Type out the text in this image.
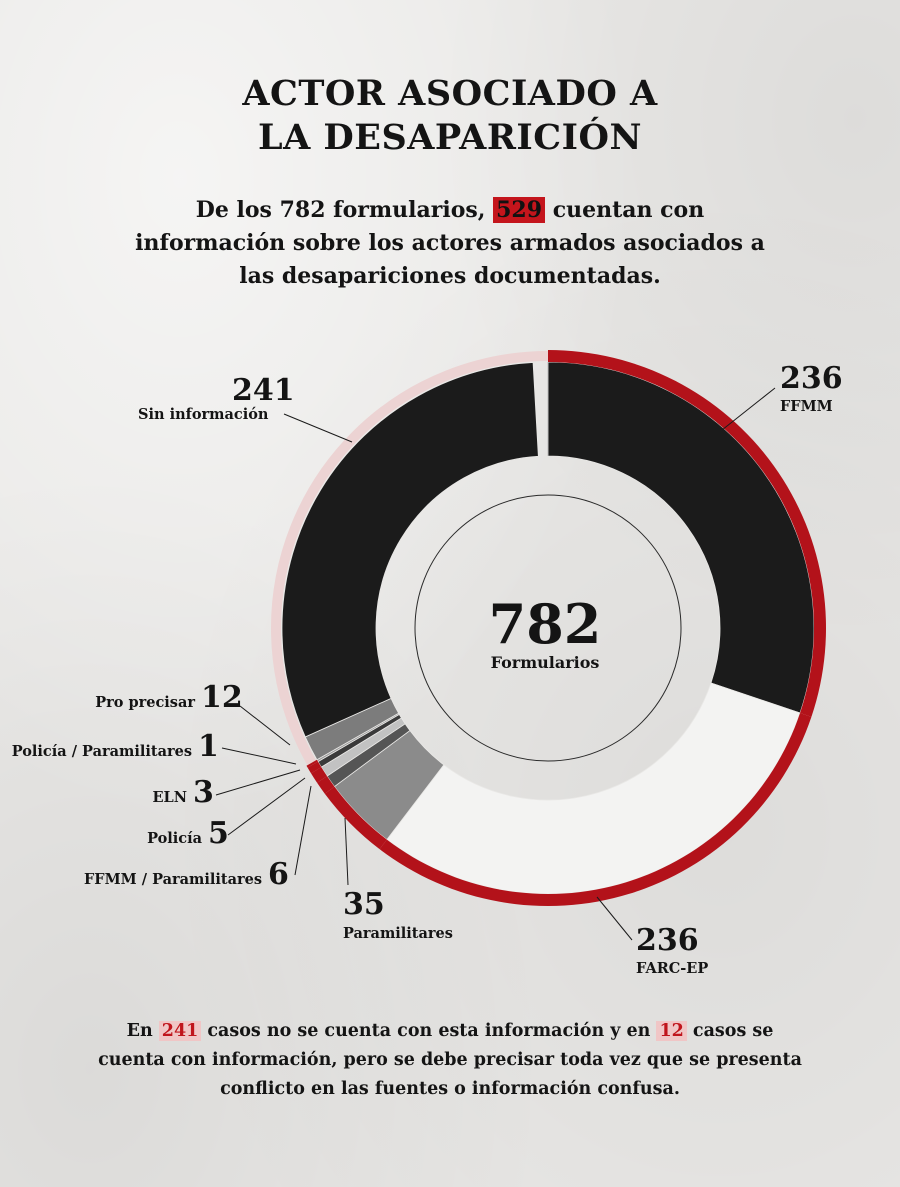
ACTOR ASOCIADO A
LA DESAPARICIÓN

De los 782 formularios, 529 cuentan con información sobre los actores armados asociados a las desapariciones documentadas.

782
Formularios
236
FFMM
236
FARC-EP
35
Paramilitares
6
FFMM / Paramilitares
5
Policía
3
ELN
1
Policía / Paramilitares
12
Pro precisar
241
Sin información

En 241 casos no se cuenta con esta información y en 12 casos se cuenta con información, pero se debe precisar toda vez que se presenta conflicto en las fuentes o información confusa.
